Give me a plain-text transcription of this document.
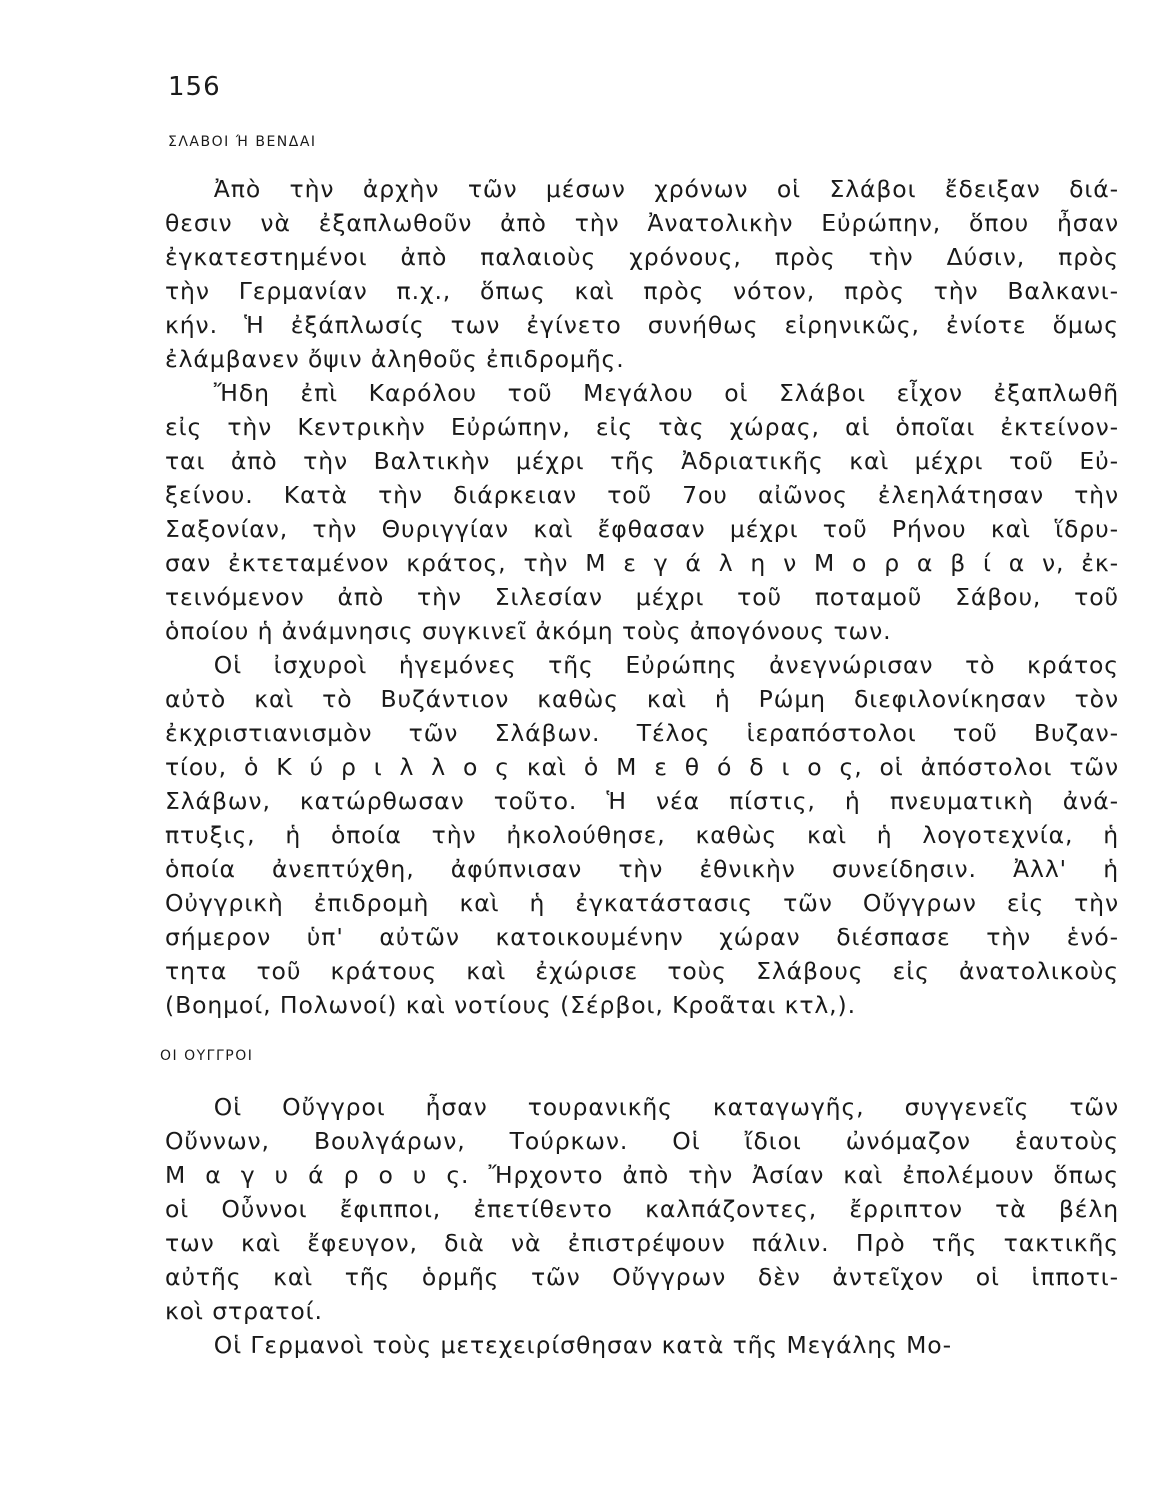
156
ΣΛΑΒΟΙ Ή ΒΕΝΔΑΙ
  Ἀπὸ τὴν ἀρχὴν τῶν μέσων χρόνων οἱ Σλάβοι ἔδειξαν διά-
θεσιν νὰ ἐξαπλωθοῦν ἀπὸ τὴν Ἀνατολικὴν Εὐρώπην, ὅπου ἦσαν
ἐγκατεστημένοι ἀπὸ παλαιοὺς χρόνους, πρὸς τὴν Δύσιν, πρὸς
τὴν Γερμανίαν π.χ., ὅπως καὶ πρὸς νότον, πρὸς τὴν Βαλκανι-
κήν. Ἡ ἐξάπλωσίς των ἐγίνετο συνήθως εἰρηνικῶς, ἐνίοτε ὅμως
ἐλάμβανεν ὄψιν ἀληθοῦς ἐπιδρομῆς.
  Ἤδη ἐπὶ Καρόλου τοῦ Μεγάλου οἱ Σλάβοι εἶχον ἐξαπλωθῆ
εἰς τὴν Κεντρικὴν Εὐρώπην, εἰς τὰς χώρας, αἱ ὁποῖαι ἐκτείνον-
ται ἀπὸ τὴν Βαλτικὴν μέχρι τῆς Ἀδριατικῆς καὶ μέχρι τοῦ Εὐ-
ξείνου. Κατὰ τὴν διάρκειαν τοῦ 7ου αἰῶνος ἐλεηλάτησαν τὴν
Σαξονίαν, τὴν Θυριγγίαν καὶ ἔφθασαν μέχρι τοῦ Ρήνου καὶ ἵδρυ-
σαν ἐκτεταμένον κράτος, τὴν Μ ε γ ά λ η ν Μ ο ρ α β ί α ν, ἐκ-
τεινόμενον ἀπὸ τὴν Σιλεσίαν μέχρι τοῦ ποταμοῦ Σάβου, τοῦ
ὁποίου ἡ ἀνάμνησις συγκινεῖ ἀκόμη τοὺς ἀπογόνους των.
  Οἱ ἰσχυροὶ ἡγεμόνες τῆς Εὐρώπης ἀνεγνώρισαν τὸ κράτος
αὐτὸ καὶ τὸ Βυζάντιον καθὼς καὶ ἡ Ρώμη διεφιλονίκησαν τὸν
ἐκχριστιανισμὸν τῶν Σλάβων. Τέλος ἱεραπόστολοι τοῦ Βυζαν-
τίου, ὁ Κ ύ ρ ι λ λ ο ς καὶ ὁ Μ ε θ ό δ ι ο ς, οἱ ἀπόστολοι τῶν
Σλάβων, κατώρθωσαν τοῦτο. Ἡ νέα πίστις, ἡ πνευματικὴ ἀνά-
πτυξις, ἡ ὁποία τὴν ἠκολούθησε, καθὼς καὶ ἡ λογοτεχνία, ἡ
ὁποία ἀνεπτύχθη, ἀφύπνισαν τὴν ἐθνικὴν συνείδησιν. Ἀλλ' ἡ
Οὐγγρικὴ ἐπιδρομὴ καὶ ἡ ἐγκατάστασις τῶν Οὔγγρων εἰς τὴν
σήμερον ὑπ' αὐτῶν κατοικουμένην χώραν διέσπασε τὴν ἑνό-
τητα τοῦ κράτους καὶ ἐχώρισε τοὺς Σλάβους εἰς ἀνατολικοὺς
(Βοημοί, Πολωνοί) καὶ νοτίους (Σέρβοι, Κροᾶται κτλ,).
ΟΙ ΟΥΓΓΡΟΙ
  Οἱ Οὔγγροι ἦσαν τουρανικῆς καταγωγῆς, συγγενεῖς τῶν
Οὔννων, Βουλγάρων, Τούρκων. Οἱ ἴδιοι ὠνόμαζον ἑαυτοὺς
Μ α γ υ ά ρ ο υ ς. Ἤρχοντο ἀπὸ τὴν Ἀσίαν καὶ ἐπολέμουν ὅπως
οἱ Οὖννοι ἔφιπποι, ἐπετίθεντο καλπάζοντες, ἔρριπτον τὰ βέλη
των καὶ ἔφευγον, διὰ νὰ ἐπιστρέψουν πάλιν. Πρὸ τῆς τακτικῆς
αὐτῆς καὶ τῆς ὁρμῆς τῶν Οὔγγρων δὲν ἀντεῖχον οἱ ἱπποτι-
κοὶ στρατοί.
  Οἱ Γερμανοὶ τοὺς μετεχειρίσθησαν κατὰ τῆς Μεγάλης Μο-
